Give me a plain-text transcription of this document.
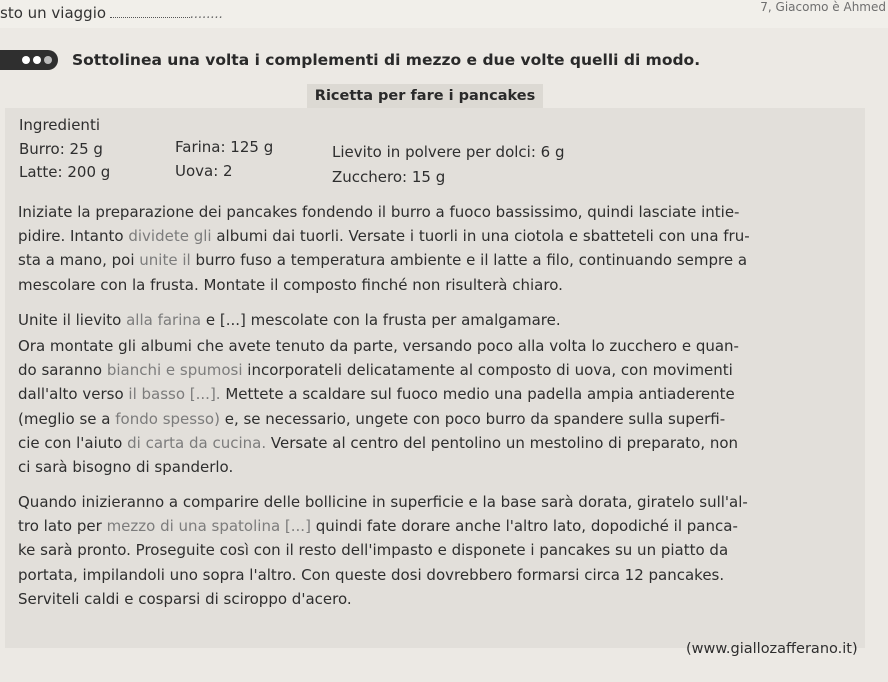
sto un viaggio	........	7, Giacomo è Ahmed
Sottolinea una volta i complementi di mezzo e due volte quelli di modo.
Ricetta per fare i pancakes
Ingredienti
Burro: 25 g	Farina: 125 g	Lievito in polvere per dolci: 6 g
Latte: 200 g	Uova: 2	Zucchero: 15 g
Iniziate la preparazione dei pancakes fondendo il burro a fuoco bassissimo, quindi lasciate intie-
pidire. Intanto dividete gli albumi dai tuorli. Versate i tuorli in una ciotola e sbatteteli con una fru-
sta a mano, poi unite il burro fuso a temperatura ambiente e il latte a filo, continuando sempre a
mescolare con la frusta. Montate il composto finché non risulterà chiaro.
Unite il lievito alla farina e [...] mescolate con la frusta per amalgamare.
Ora montate gli albumi che avete tenuto da parte, versando poco alla volta lo zucchero e quan-
do saranno bianchi e spumosi incorporateli delicatamente al composto di uova, con movimenti
dall'alto verso il basso [...]. Mettete a scaldare sul fuoco medio una padella ampia antiaderente
(meglio se a fondo spesso) e, se necessario, ungete con poco burro da spandere sulla superfi-
cie con l'aiuto di carta da cucina. Versate al centro del pentolino un mestolino di preparato, non
ci sarà bisogno di spanderlo.
Quando inizieranno a comparire delle bollicine in superficie e la base sarà dorata, giratelo sull'al-
tro lato per mezzo di una spatolina [...] quindi fate dorare anche l'altro lato, dopodiché il panca-
ke sarà pronto. Proseguite così con il resto dell'impasto e disponete i pancakes su un piatto da
portata, impilandoli uno sopra l'altro. Con queste dosi dovrebbero formarsi circa 12 pancakes.
Serviteli caldi e cosparsi di sciroppo d'acero.
(www.giallozafferano.it)
